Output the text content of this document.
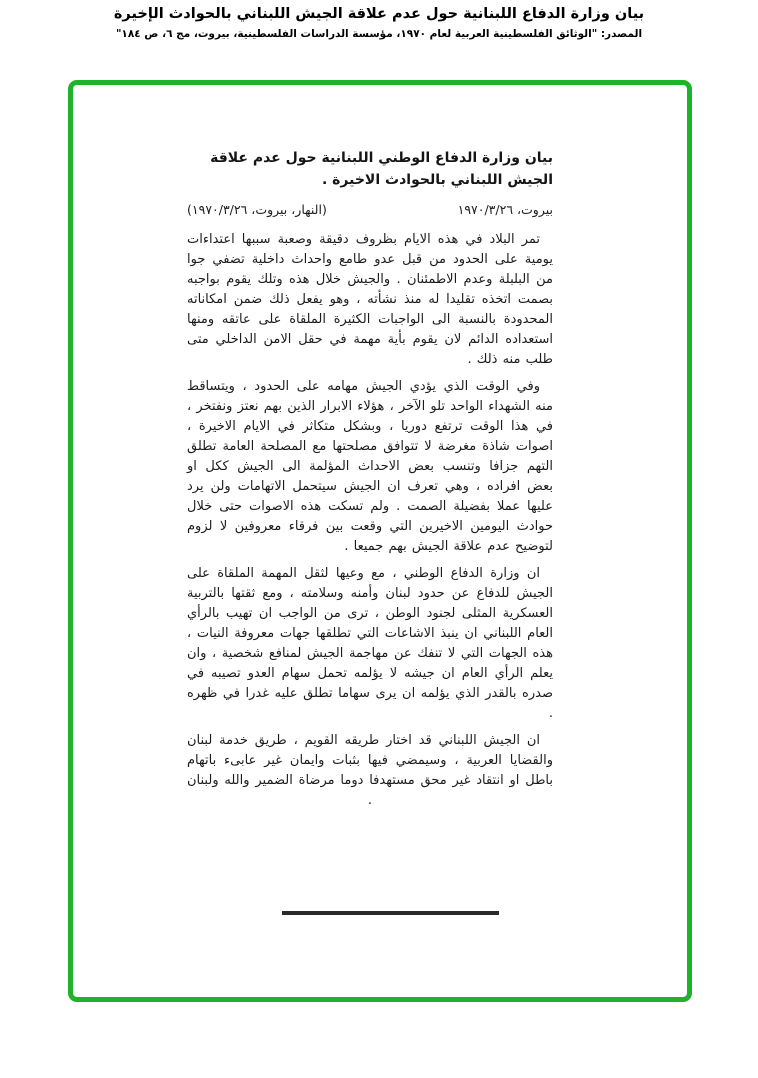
بيان وزارة الدفاع اللبنانية حول عدم علاقة الجيش اللبناني بالحوادث الإخيرة
المصدر: "الوثائق الفلسطينية العربية لعام ١٩٧٠، مؤسسة الدراسات الفلسطينية، بيروت، مج ٦، ص ١٨٤"
بيان وزارة الدفاع الوطني اللبنانية حول عدم علاقة الجيش اللبناني بالحوادث الاخيرة .
بيروت، ١٩٧٠/٣/٢٦
(النهار، بيروت، ١٩٧٠/٣/٢٦)

تمر البلاد في هذه الايام بظروف دقيقة وصعبة سببها اعتداءات يومية على الحدود من قبل عدو طامع واحداث داخلية تضفي جوا من البلبلة وعدم الاطمئنان . والجيش خلال هذه وتلك يقوم بواجبه بصمت اتخذه تقليدا له منذ نشأته ، وهو يفعل ذلك ضمن امكاناته المحدودة بالنسبة الى الواجبات الكثيرة الملقاة على عاتقه ومنها استعداده الدائم لان يقوم بأية مهمة في حقل الامن الداخلي متى طلب منه ذلك .

وفي الوقت الذي يؤدي الجيش مهامه على الحدود ، ويتساقط منه الشهداء الواحد تلو الآخر ، هؤلاء الابرار الذين بهم نعتز ونفتخر ، في هذا الوقت ترتفع دوريا ، وبشكل متكاثر في الايام الاخيرة ، اصوات شاذة مغرضة لا تتوافق مصلحتها مع المصلحة العامة تطلق التهم جزافا وتنسب بعض الاحداث المؤلمة الى الجيش ككل او بعض افراده ، وهي تعرف ان الجيش سيتحمل الاتهامات ولن يرد عليها عملا بفضيلة الصمت . ولم تسكت هذه الاصوات حتى خلال حوادث اليومين الاخيرين التي وقعت بين فرقاء معروفين لا لزوم لتوضيح عدم علاقة الجيش بهم جميعا .

ان وزارة الدفاع الوطني ، مع وعيها لثقل المهمة الملقاة على الجيش للدفاع عن حدود لبنان وأمنه وسلامته ، ومع ثقتها بالتربية العسكرية المثلى لجنود الوطن ، ترى من الواجب ان تهيب بالرأي العام اللبناني ان ينبذ الاشاعات التي تطلقها جهات معروفة النيات ، هذه الجهات التي لا تنفك عن مهاجمة الجيش لمنافع شخصية ، وان يعلم الرأي العام ان جيشه لا يؤلمه تحمل سهام العدو تصيبه في صدره بالقدر الذي يؤلمه ان يرى سهاما تطلق عليه غدرا في ظهره .

ان الجيش اللبناني قد اختار طريقه القويم ، طريق خدمة لبنان والقضايا العربية ، وسيمضي فيها بثبات وايمان غير عابىء باتهام باطل او انتقاد غير محق مستهدفا دوما مرضاة الضمير والله ولبنان .
